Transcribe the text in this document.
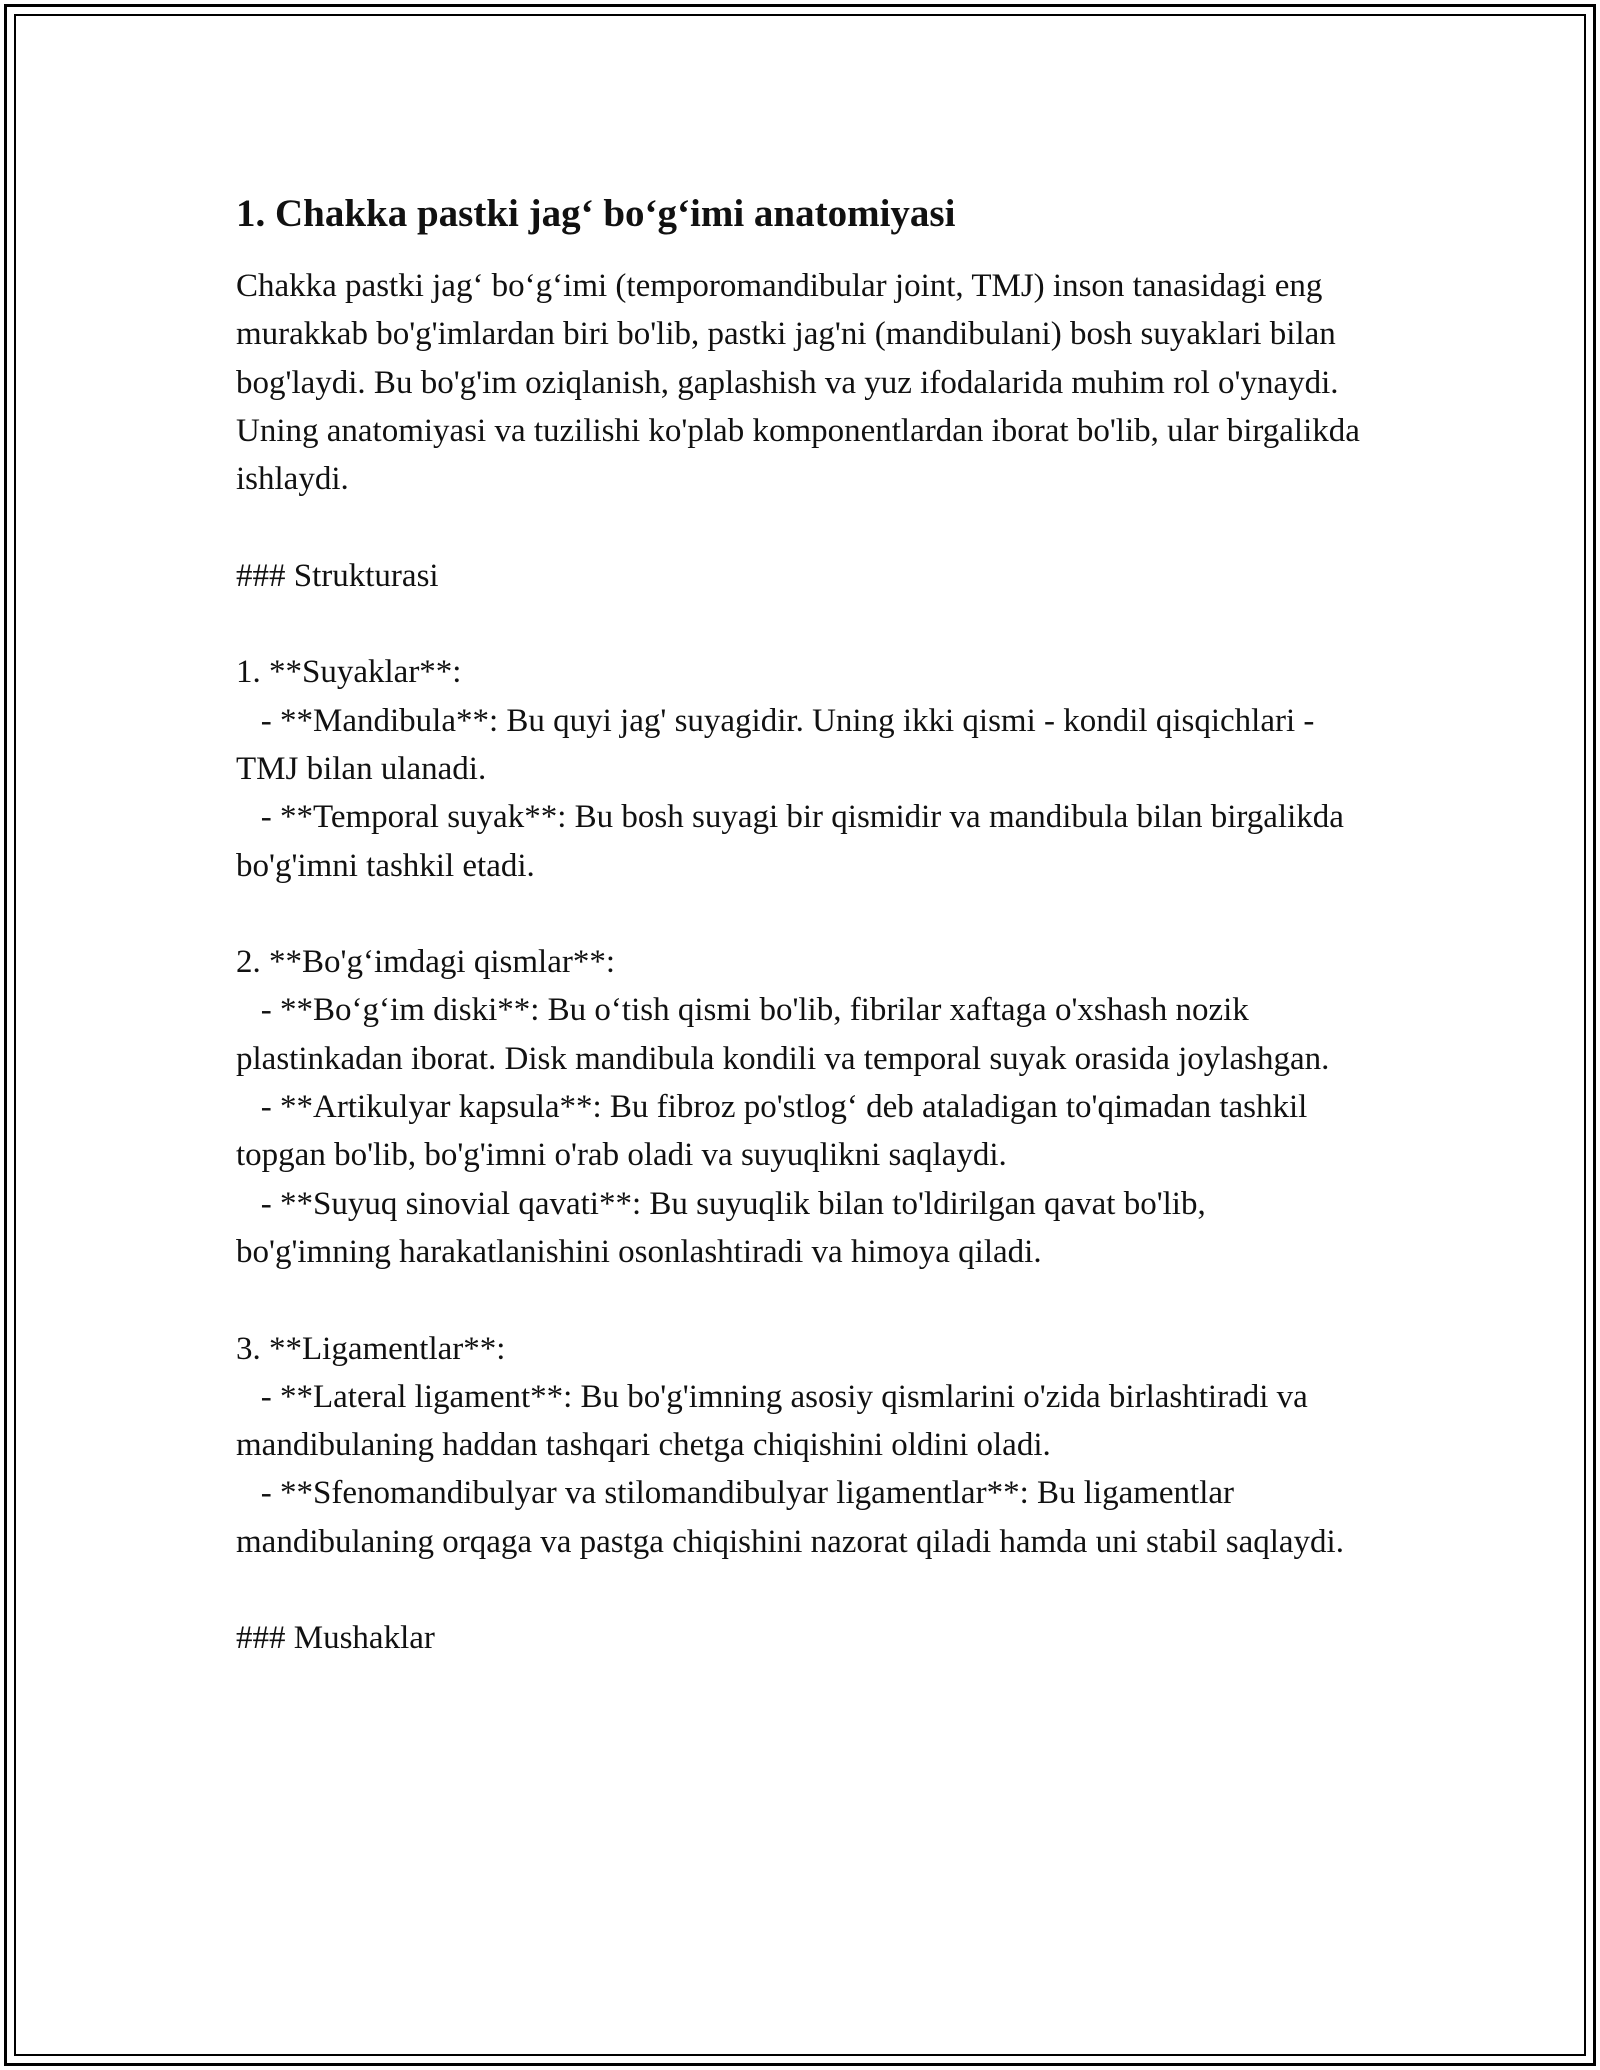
1. Chakka pastki jag‘ bo‘g‘imi anatomiyasi

Chakka pastki jag‘ bo‘g‘imi (temporomandibular joint, TMJ) inson tanasidagi eng murakkab bo'g'imlardan biri bo'lib, pastki jag'ni (mandibulani) bosh suyaklari bilan bog'laydi. Bu bo'g'im oziqlanish, gaplashish va yuz ifodalarida muhim rol o'ynaydi. Uning anatomiyasi va tuzilishi ko'plab komponentlardan iborat bo'lib, ular birgalikda ishlaydi.

### Strukturasi

1. **Suyaklar**:

- **Mandibula**: Bu quyi jag' suyagidir. Uning ikki qismi - kondil qisqichlari - TMJ bilan ulanadi.

- **Temporal suyak**: Bu bosh suyagi bir qismidir va mandibula bilan birgalikda bo'g'imni tashkil etadi.

2. **Bo'g‘imdagi qismlar**:

- **Bo‘g‘im diski**: Bu o‘tish qismi bo'lib, fibrilar xaftaga o'xshash nozik plastinkadan iborat. Disk mandibula kondili va temporal suyak orasida joylashgan.

- **Artikulyar kapsula**: Bu fibroz po'stlog‘ deb ataladigan to'qimadan tashkil topgan bo'lib, bo'g'imni o'rab oladi va suyuqlikni saqlaydi.

- **Suyuq sinovial qavati**: Bu suyuqlik bilan to'ldirilgan qavat bo'lib, bo'g'imning harakatlanishini osonlashtiradi va himoya qiladi.

3. **Ligamentlar**:

- **Lateral ligament**: Bu bo'g'imning asosiy qismlarini o'zida birlashtiradi va mandibulaning haddan tashqari chetga chiqishini oldini oladi.

- **Sfenomandibulyar va stilomandibulyar ligamentlar**: Bu ligamentlar mandibulaning orqaga va pastga chiqishini nazorat qiladi hamda uni stabil saqlaydi.

### Mushaklar
